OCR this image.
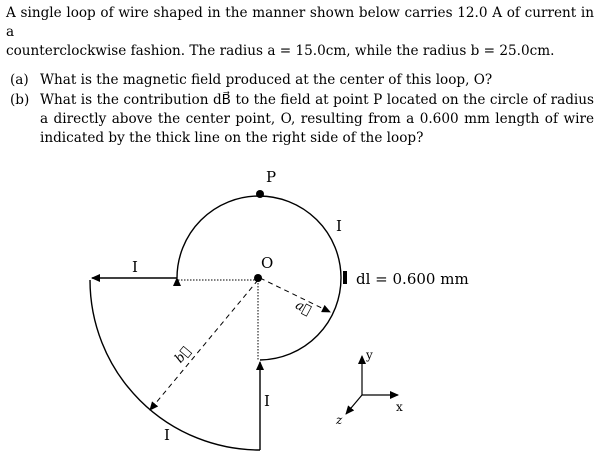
A single loop of wire shaped in the manner shown below carries 12.0 A of current in a
counterclockwise fashion. The radius a = 15.0cm, while the radius b = 25.0cm.

(a) What is the magnetic field produced at the center of this loop, O?
(b) What is the contribution dB⃗ to the field at point P located on the circle of radius a directly above the center point, O, resulting from a 0.600 mm length of wire indicated by the thick line on the right side of the loop?
P
O
I
I
I
I
a⃗
b⃗
dl = 0.600 mm
y
x
z
